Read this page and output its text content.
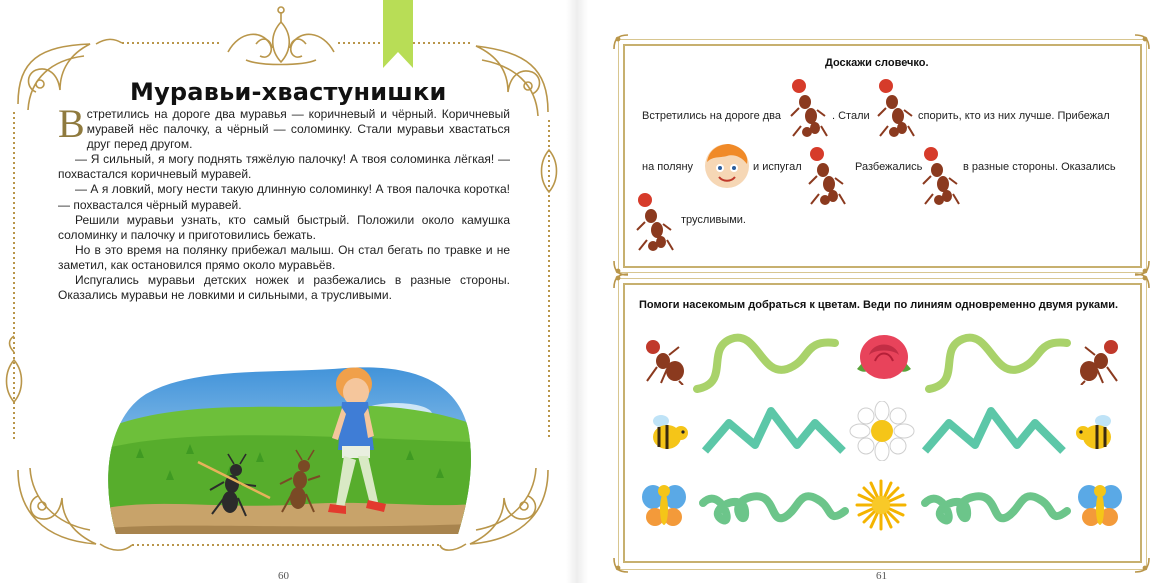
Муравьи-хвастунишки

Встретились на дороге два муравья — коричневый и чёрный. Коричневый муравей нёс палочку, а чёрный — соломинку. Стали муравьи хвастаться друг перед другом.

— Я сильный, я могу поднять тяжёлую палочку! А твоя соломинка лёгкая! — похвастался коричневый муравей.

— А я ловкий, могу нести такую длинную соломинку! А твоя палочка коротка! — похвастался чёрный муравей.

Решили муравьи узнать, кто самый быстрый. Положили около камушка соломинку и палочку и приготовились бежать.

Но в это время на полянку прибежал малыш. Он стал бегать по травке и не заметил, как остановился прямо около муравьёв.

Испугались муравьи детских ножек и разбежались в разные стороны. Оказались муравьи не ловкими и сильными, а трусливыми.

60
Доскажи словечко.
Встретились на дороге два	. Стали	спорить, кто из них лучше. Прибежал
на поляну	и испугал	Разбежались	в разные стороны. Оказались
трусливыми.
Помоги насекомым добраться к цветам. Веди по линиям одновременно двумя руками.
61
